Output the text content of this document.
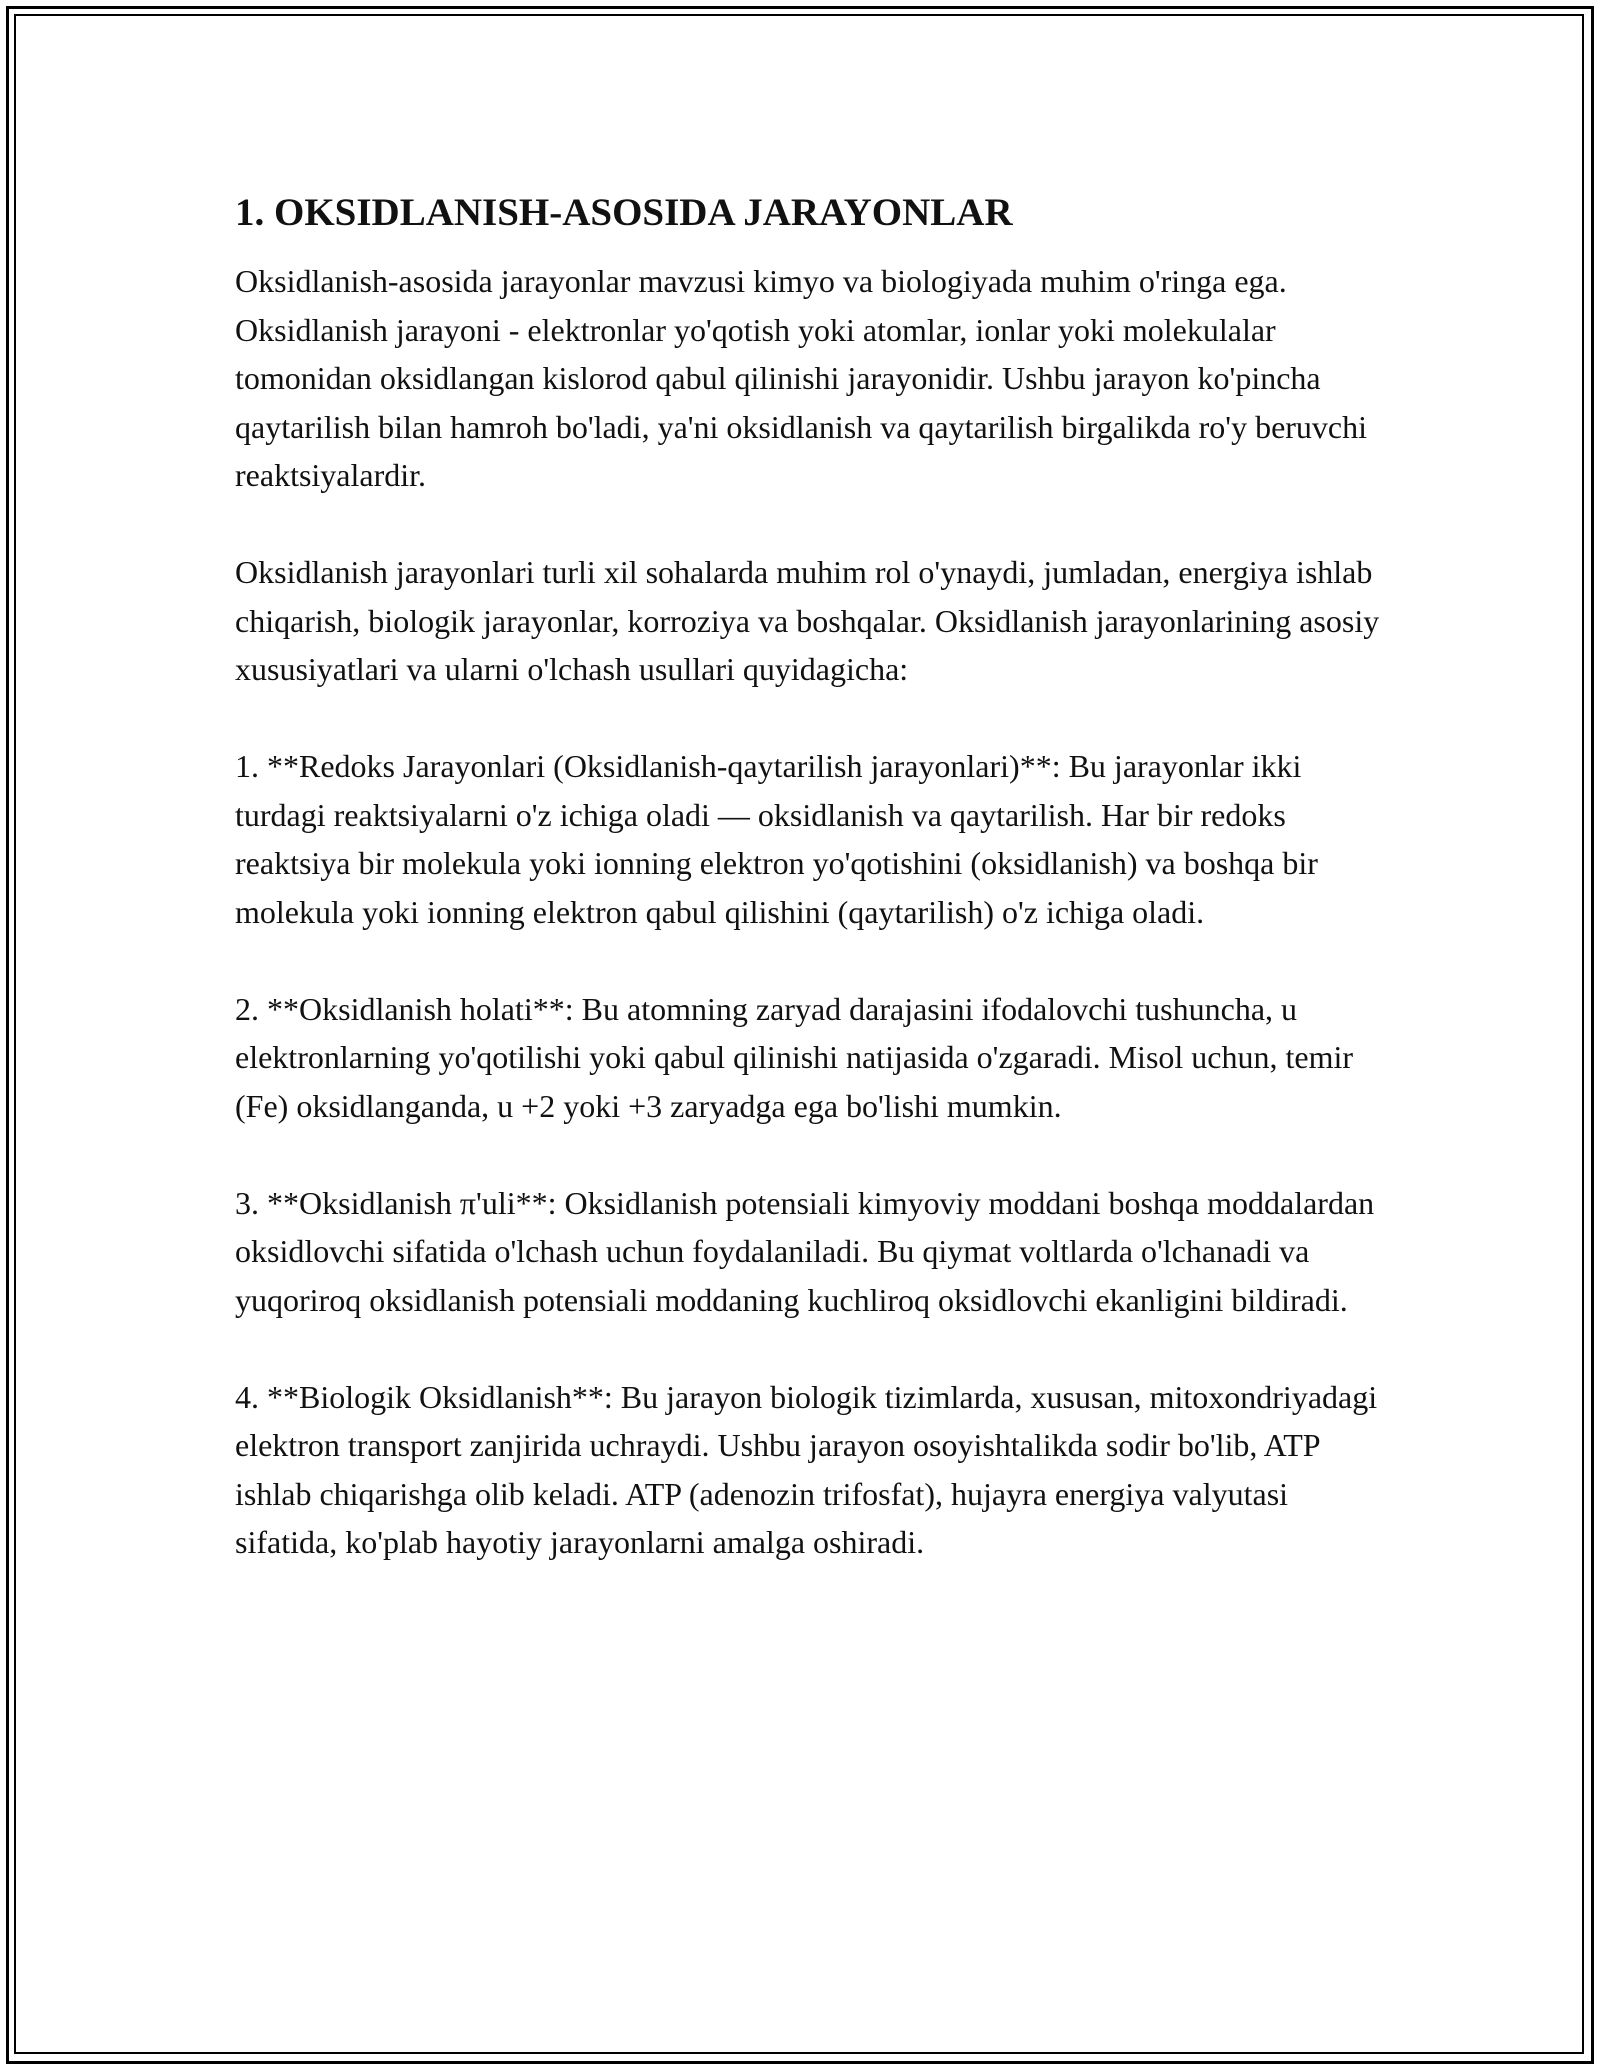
1. OKSIDLANISH-ASOSIDA JARAYONLAR

Oksidlanish-asosida jarayonlar mavzusi kimyo va biologiyada muhim o'ringa ega. Oksidlanish jarayoni - elektronlar yo'qotish yoki atomlar, ionlar yoki molekulalar tomonidan oksidlangan kislorod qabul qilinishi jarayonidir. Ushbu jarayon ko'pincha qaytarilish bilan hamroh bo'ladi, ya'ni oksidlanish va qaytarilish birgalikda ro'y beruvchi reaktsiyalardir.

Oksidlanish jarayonlari turli xil sohalarda muhim rol o'ynaydi, jumladan, energiya ishlab chiqarish, biologik jarayonlar, korroziya va boshqalar. Oksidlanish jarayonlarining asosiy xususiyatlari va ularni o'lchash usullari quyidagicha:

1. **Redoks Jarayonlari (Oksidlanish-qaytarilish jarayonlari)**: Bu jarayonlar ikki turdagi reaktsiyalarni o'z ichiga oladi — oksidlanish va qaytarilish. Har bir redoks reaktsiya bir molekula yoki ionning elektron yo'qotishini (oksidlanish) va boshqa bir molekula yoki ionning elektron qabul qilishini (qaytarilish) o'z ichiga oladi.

2. **Oksidlanish holati**: Bu atomning zaryad darajasini ifodalovchi tushuncha, u elektronlarning yo'qotilishi yoki qabul qilinishi natijasida o'zgaradi. Misol uchun, temir (Fe) oksidlanganda, u +2 yoki +3 zaryadga ega bo'lishi mumkin.

3. **Oksidlanish π'uli**: Oksidlanish potensiali kimyoviy moddani boshqa moddalardan oksidlovchi sifatida o'lchash uchun foydalaniladi. Bu qiymat voltlarda o'lchanadi va yuqoriroq oksidlanish potensiali moddaning kuchliroq oksidlovchi ekanligini bildiradi.

4. **Biologik Oksidlanish**: Bu jarayon biologik tizimlarda, xususan, mitoxondriyadagi elektron transport zanjirida uchraydi. Ushbu jarayon osoyishtalikda sodir bo'lib, ATP ishlab chiqarishga olib keladi. ATP (adenozin trifosfat), hujayra energiya valyutasi sifatida, ko'plab hayotiy jarayonlarni amalga oshiradi.
